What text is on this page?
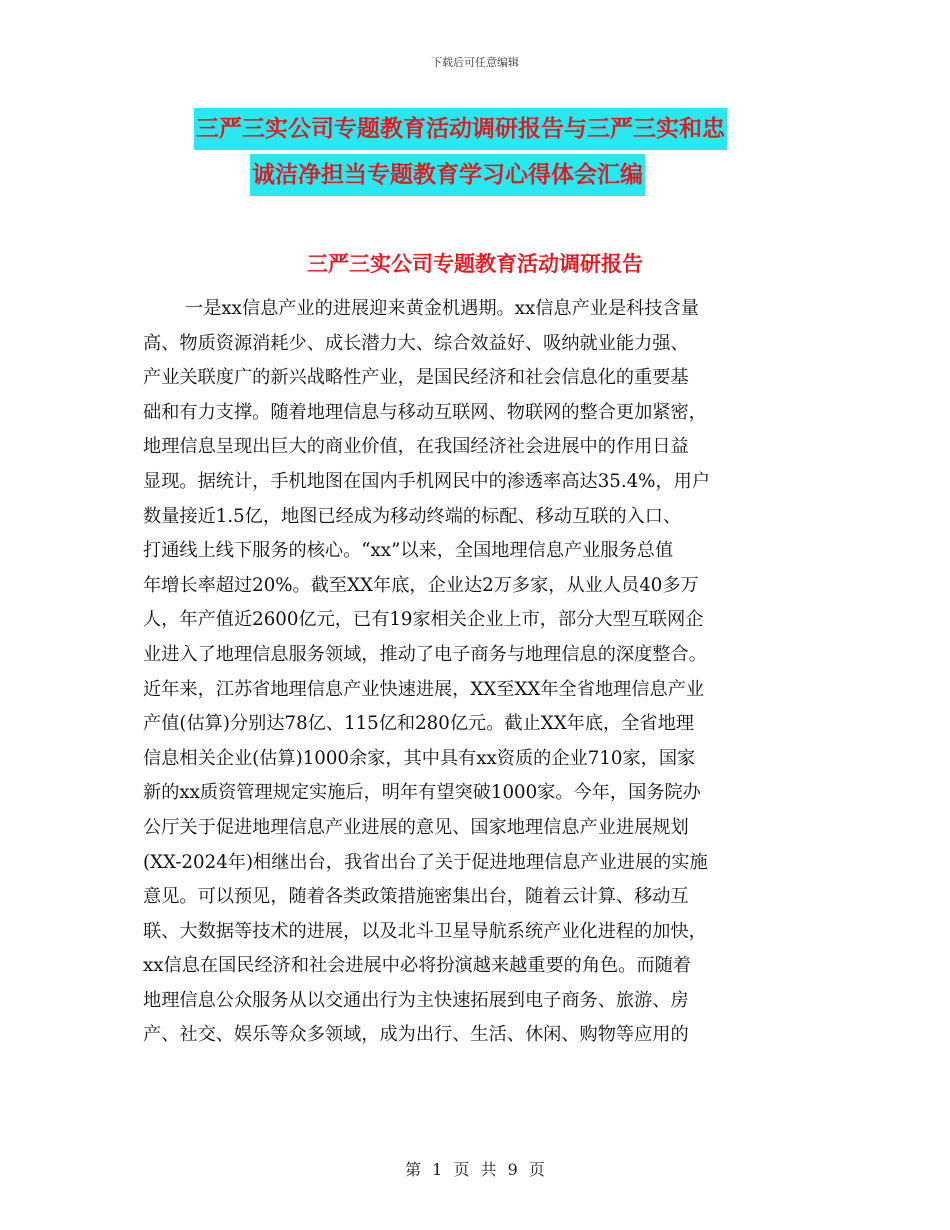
下载后可任意编辑
三严三实公司专题教育活动调研报告与三严三实和忠
诚洁净担当专题教育学习心得体会汇编
三严三实公司专题教育活动调研报告
一是xx信息产业的进展迎来黄金机遇期。xx信息产业是科技含量
高、物质资源消耗少、成长潜力大、综合效益好、吸纳就业能力强、
产业关联度广的新兴战略性产业，是国民经济和社会信息化的重要基
础和有力支撑。随着地理信息与移动互联网、物联网的整合更加紧密，
地理信息呈现出巨大的商业价值，在我国经济社会进展中的作用日益
显现。据统计，手机地图在国内手机网民中的渗透率高达35.4%，用户
数量接近1.5亿，地图已经成为移动终端的标配、移动互联的入口、
打通线上线下服务的核心。“xx”以来，全国地理信息产业服务总值
年增长率超过20%。截至XX年底，企业达2万多家，从业人员40多万
人，年产值近2600亿元，已有19家相关企业上市，部分大型互联网企
业进入了地理信息服务领域，推动了电子商务与地理信息的深度整合。
近年来，江苏省地理信息产业快速进展，XX至XX年全省地理信息产业
产值(估算)分别达78亿、115亿和280亿元。截止XX年底，全省地理
信息相关企业(估算)1000余家，其中具有xx资质的企业710家，国家
新的xx质资管理规定实施后，明年有望突破1000家。今年，国务院办
公厅关于促进地理信息产业进展的意见、国家地理信息产业进展规划
(XX-2024年)相继出台，我省出台了关于促进地理信息产业进展的实施
意见。可以预见，随着各类政策措施密集出台，随着云计算、移动互
联、大数据等技术的进展，以及北斗卫星导航系统产业化进程的加快，
xx信息在国民经济和社会进展中必将扮演越来越重要的角色。而随着
地理信息公众服务从以交通出行为主快速拓展到电子商务、旅游、房
产、社交、娱乐等众多领域，成为出行、生活、休闲、购物等应用的
第 1 页 共 9 页
